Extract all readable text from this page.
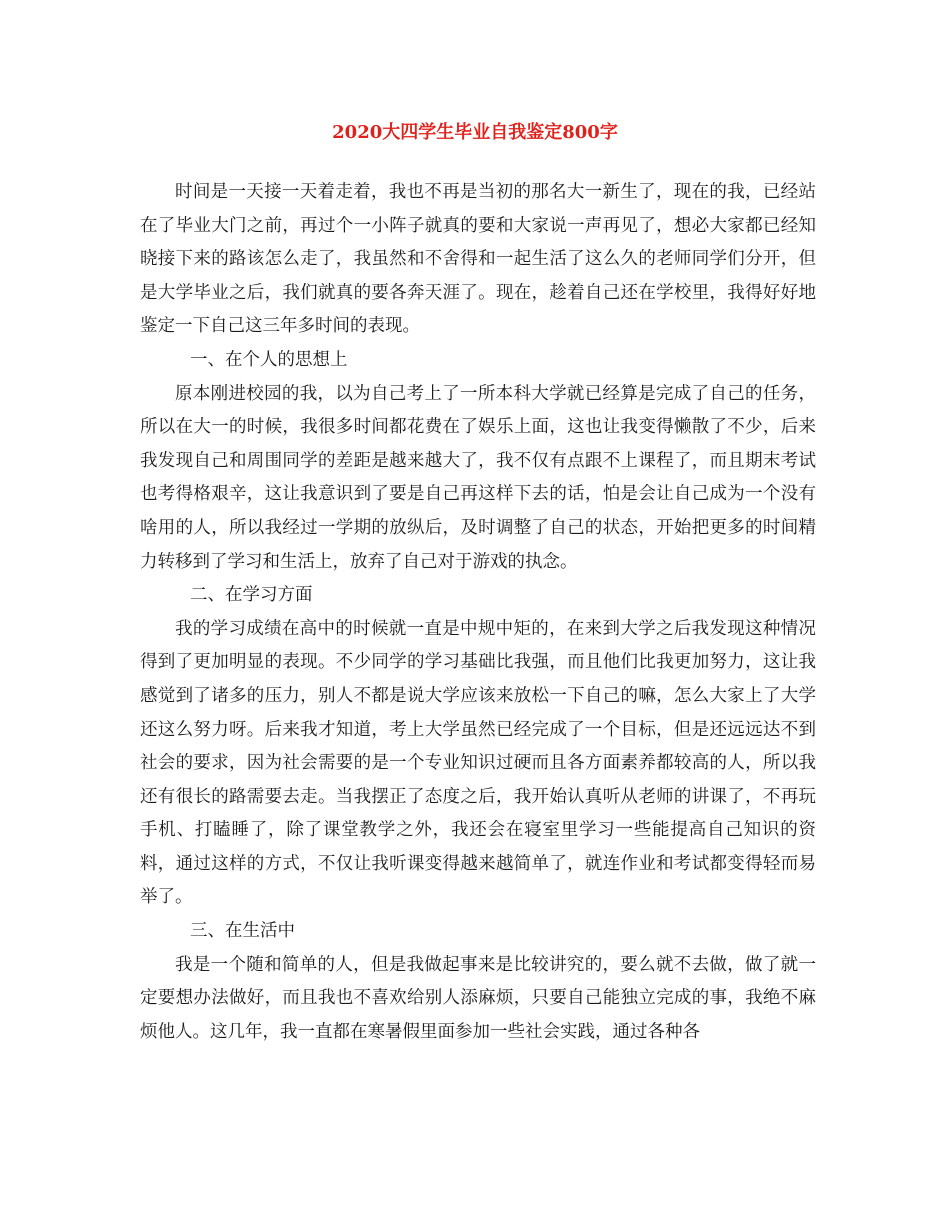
2020大四学生毕业自我鉴定800字

时间是一天接一天着走着，我也不再是当初的那名大一新生了，现在的我，已经站在了毕业大门之前，再过个一小阵子就真的要和大家说一声再见了，想必大家都已经知晓接下来的路该怎么走了，我虽然和不舍得和一起生活了这么久的老师同学们分开，但是大学毕业之后，我们就真的要各奔天涯了。现在，趁着自己还在学校里，我得好好地鉴定一下自己这三年多时间的表现。

一、在个人的思想上

原本刚进校园的我，以为自己考上了一所本科大学就已经算是完成了自己的任务，所以在大一的时候，我很多时间都花费在了娱乐上面，这也让我变得懒散了不少，后来我发现自己和周围同学的差距是越来越大了，我不仅有点跟不上课程了，而且期末考试也考得格艰辛，这让我意识到了要是自己再这样下去的话，怕是会让自己成为一个没有啥用的人，所以我经过一学期的放纵后，及时调整了自己的状态，开始把更多的时间精力转移到了学习和生活上，放弃了自己对于游戏的执念。

二、在学习方面

我的学习成绩在高中的时候就一直是中规中矩的，在来到大学之后我发现这种情况得到了更加明显的表现。不少同学的学习基础比我强，而且他们比我更加努力，这让我感觉到了诸多的压力，别人不都是说大学应该来放松一下自己的嘛，怎么大家上了大学还这么努力呀。后来我才知道，考上大学虽然已经完成了一个目标，但是还远远达不到社会的要求，因为社会需要的是一个专业知识过硬而且各方面素养都较高的人，所以我还有很长的路需要去走。当我摆正了态度之后，我开始认真听从老师的讲课了，不再玩手机、打瞌睡了，除了课堂教学之外，我还会在寝室里学习一些能提高自己知识的资料，通过这样的方式，不仅让我听课变得越来越简单了，就连作业和考试都变得轻而易举了。

三、在生活中

我是一个随和简单的人，但是我做起事来是比较讲究的，要么就不去做，做了就一定要想办法做好，而且我也不喜欢给别人添麻烦，只要自己能独立完成的事，我绝不麻烦他人。这几年，我一直都在寒暑假里面参加一些社会实践，通过各种各
